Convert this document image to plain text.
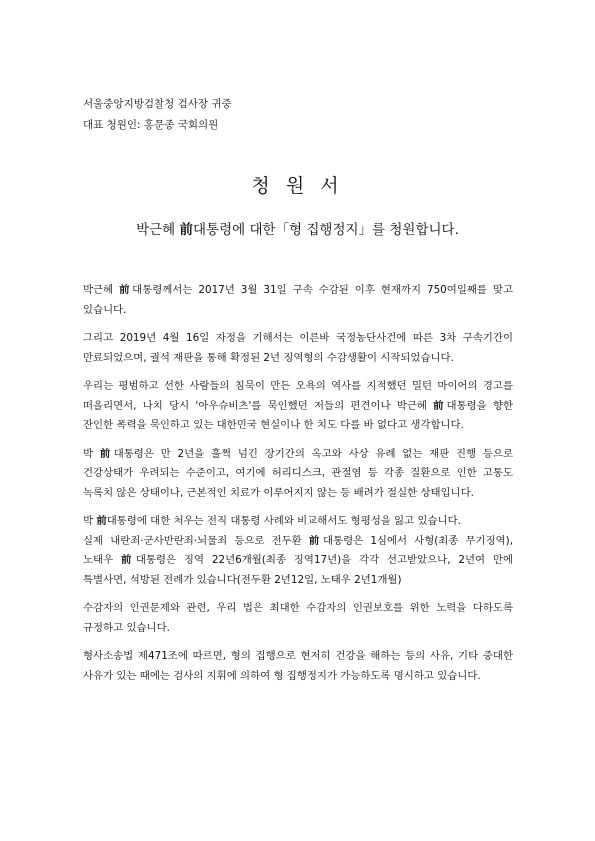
서울중앙지방검찰청 검사장 귀중
대표 청원인: 홍문종 국회의원
청 원 서
박근혜 前대통령에 대한「형 집행정지」를 청원합니다.

박근혜 前대통령께서는 2017년 3월 31일 구속 수감된 이후 현재까지 750여일째를 맞고 있습니다.

그리고 2019년 4월 16일 자정을 기해서는 이른바 국정농단사건에 따른 3차 구속기간이 만료되었으며, 궐석 재판을 통해 확정된 2년 징역형의 수감생활이 시작되었습니다.

우리는 평범하고 선한 사람들의 침묵이 만든 오욕의 역사를 지적했던 밀턴 마이어의 경고를 떠올리면서, 나치 당시 '아우슈비츠'를 묵인했던 저들의 편견이나 박근혜 前대통령을 향한 잔인한 폭력을 묵인하고 있는 대한민국 현실이나 한 치도 다를 바 없다고 생각합니다.

박 前대통령은 만 2년을 훌쩍 넘긴 장기간의 옥고와 사상 유례 없는 재판 진행 등으로 건강상태가 우려되는 수준이고, 여기에 허리디스크, 관절염 등 각종 질환으로 인한 고통도 녹록치 않은 상태이나, 근본적인 치료가 이루어지지 않는 등 배려가 절실한 상태입니다.

박 前대통령에 대한 처우는 전직 대통령 사례와 비교해서도 형평성을 잃고 있습니다.

실제 내란죄·군사반란죄·뇌물죄 등으로 전두환 前대통령은 1심에서 사형(최종 무기징역), 노태우 前대통령은 징역 22년6개월(최종 징역17년)을 각각 선고받았으나, 2년여 만에 특별사면, 석방된 전례가 있습니다(전두환 2년12일, 노태우 2년1개월)

수감자의 인권문제와 관련, 우리 법은 최대한 수감자의 인권보호를 위한 노력을 다하도록 규정하고 있습니다.

형사소송법 제471조에 따르면, 형의 집행으로 현저히 건강을 해하는 등의 사유, 기타 중대한 사유가 있는 때에는 검사의 지휘에 의하여 형 집행정지가 가능하도록 명시하고 있습니다.
